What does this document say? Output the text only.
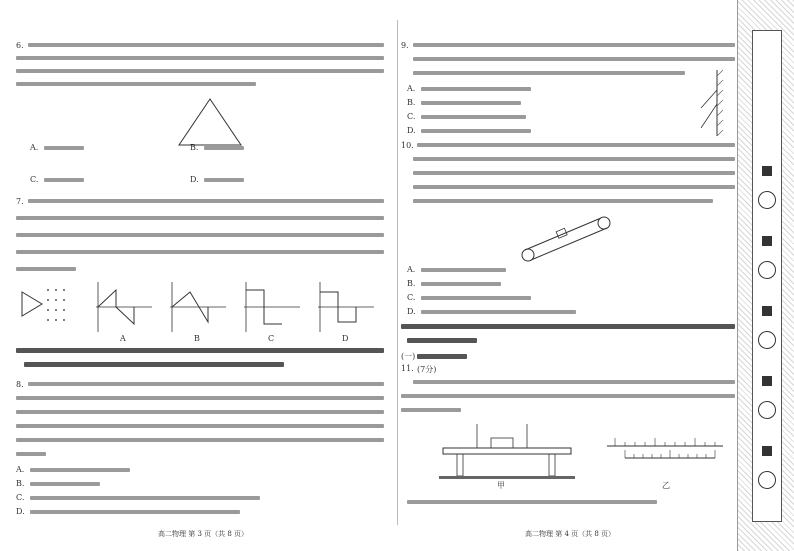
6.
A.	B.
C.	D.
7.
A	B	C	D
8.
A.
B.
C.
D.
高二物理 第 3 页（共 8 页）
9.
A.
B.
C.
D.
10.
A.
B.
C.
D.
(一)
11. (7分)
甲	乙
高二物理 第 4 页（共 8 页）
